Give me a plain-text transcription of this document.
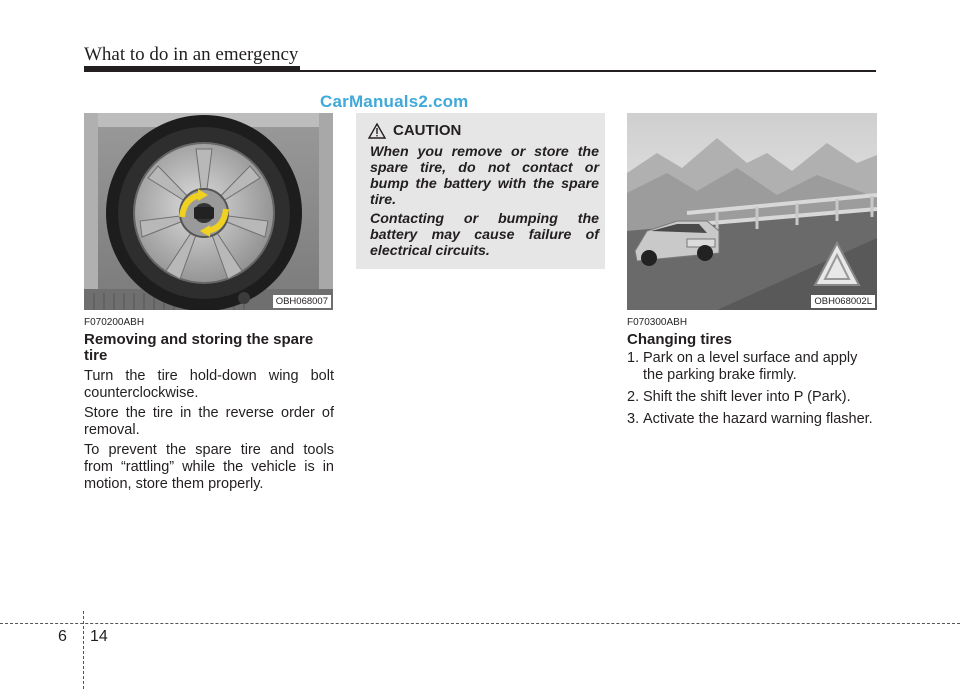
What to do in an emergency
CarManuals2.com
OBH068007
CAUTION
When you remove or store the spare tire, do not contact or bump the battery with the spare tire.
Contacting or bumping the battery may cause failure of electrical circuits.
OBH068002L
F070200ABH
Removing and storing the spare tire
Turn the tire hold-down wing bolt counterclockwise.
Store the tire in the reverse order of removal.
To prevent the spare tire and tools from “rattling” while the vehicle is in motion, store them properly.
F070300ABH
Changing tires
1. Park on a level surface and apply the parking brake firmly.
2. Shift the shift lever into P (Park).
3. Activate the hazard warning flasher.
6 14
